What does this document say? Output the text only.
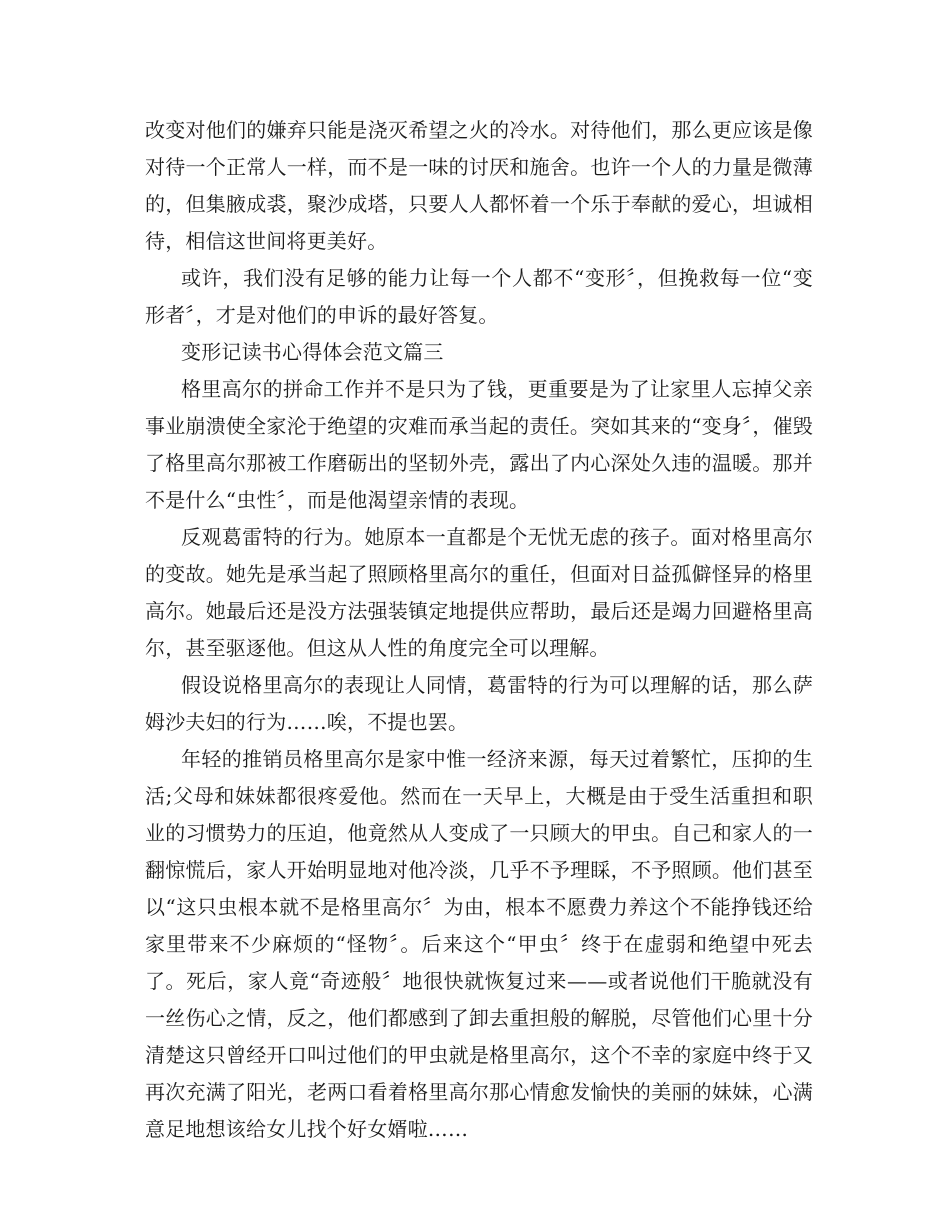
改变对他们的嫌弃只能是浇灭希望之火的冷水。对待他们，那么更应该是像对待一个正常人一样，而不是一味的讨厌和施舍。也许一个人的力量是微薄的，但集腋成裘，聚沙成塔，只要人人都怀着一个乐于奉献的爱心，坦诚相待，相信这世间将更美好。

或许，我们没有足够的能力让每一个人都不“变形〞，但挽救每一位“变形者〞，才是对他们的申诉的最好答复。

变形记读书心得体会范文篇三

格里高尔的拼命工作并不是只为了钱，更重要是为了让家里人忘掉父亲事业崩溃使全家沦于绝望的灾难而承当起的责任。突如其来的“变身〞，催毁了格里高尔那被工作磨砺出的坚韧外壳，露出了内心深处久违的温暖。那并不是什么“虫性〞，而是他渴望亲情的表现。

反观葛雷特的行为。她原本一直都是个无忧无虑的孩子。面对格里高尔的变故。她先是承当起了照顾格里高尔的重任，但面对日益孤僻怪异的格里高尔。她最后还是没方法强装镇定地提供应帮助，最后还是竭力回避格里高尔，甚至驱逐他。但这从人性的角度完全可以理解。

假设说格里高尔的表现让人同情，葛雷特的行为可以理解的话，那么萨姆沙夫妇的行为……唉，不提也罢。

年轻的推销员格里高尔是家中惟一经济来源，每天过着繁忙，压抑的生活;父母和妹妹都很疼爱他。然而在一天早上，大概是由于受生活重担和职业的习惯势力的压迫，他竟然从人变成了一只顾大的甲虫。自己和家人的一翻惊慌后，家人开始明显地对他冷淡，几乎不予理睬，不予照顾。他们甚至以“这只虫根本就不是格里高尔〞为由，根本不愿费力养这个不能挣钱还给家里带来不少麻烦的“怪物〞。后来这个“甲虫〞终于在虚弱和绝望中死去了。死后，家人竟“奇迹般〞地很快就恢复过来——或者说他们干脆就没有一丝伤心之情，反之，他们都感到了卸去重担般的解脱，尽管他们心里十分清楚这只曾经开口叫过他们的甲虫就是格里高尔，这个不幸的家庭中终于又再次充满了阳光，老两口看着格里高尔那心情愈发愉快的美丽的妹妹，心满意足地想该给女儿找个好女婿啦……
